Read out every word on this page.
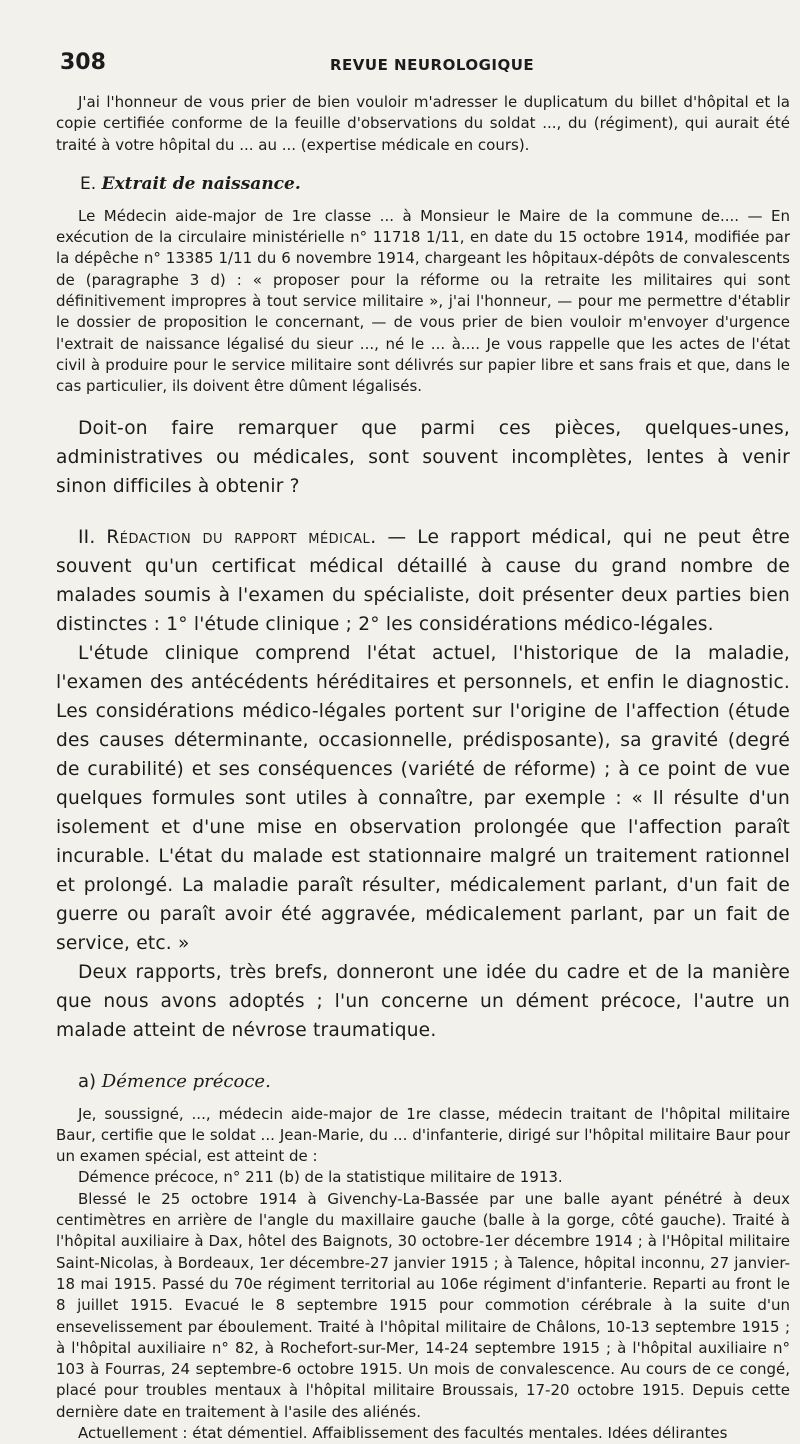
308	REVUE NEUROLOGIQUE

J'ai l'honneur de vous prier de bien vouloir m'adresser le duplicatum du billet d'hôpital et la copie certifiée conforme de la feuille d'observations du soldat ..., du (régiment), qui aurait été traité à votre hôpital du ... au ... (expertise médicale en cours).

E. Extrait de naissance.

Le Médecin aide-major de 1re classe ... à Monsieur le Maire de la commune de.... — En exécution de la circulaire ministérielle n° 11718 1/11, en date du 15 octobre 1914, modifiée par la dépêche n° 13385 1/11 du 6 novembre 1914, chargeant les hôpitaux-dépôts de convalescents de (paragraphe 3 d) : « proposer pour la réforme ou la retraite les militaires qui sont définitivement impropres à tout service militaire », j'ai l'honneur, — pour me permettre d'établir le dossier de proposition le concernant, — de vous prier de bien vouloir m'envoyer d'urgence l'extrait de naissance légalisé du sieur ..., né le ... à.... Je vous rappelle que les actes de l'état civil à produire pour le service militaire sont délivrés sur papier libre et sans frais et que, dans le cas particulier, ils doivent être dûment légalisés.

Doit-on faire remarquer que parmi ces pièces, quelques-unes, administratives ou médicales, sont souvent incomplètes, lentes à venir sinon difficiles à obtenir ?

II. Rédaction du rapport médical. — Le rapport médical, qui ne peut être souvent qu'un certificat médical détaillé à cause du grand nombre de malades soumis à l'examen du spécialiste, doit présenter deux parties bien distinctes : 1° l'étude clinique ; 2° les considérations médico-légales.

L'étude clinique comprend l'état actuel, l'historique de la maladie, l'examen des antécédents héréditaires et personnels, et enfin le diagnostic. Les considérations médico-légales portent sur l'origine de l'affection (étude des causes déterminante, occasionnelle, prédisposante), sa gravité (degré de curabilité) et ses conséquences (variété de réforme) ; à ce point de vue quelques formules sont utiles à connaître, par exemple : « Il résulte d'un isolement et d'une mise en observation prolongée que l'affection paraît incurable. L'état du malade est stationnaire malgré un traitement rationnel et prolongé. La maladie paraît résulter, médicalement parlant, d'un fait de guerre ou paraît avoir été aggravée, médicalement parlant, par un fait de service, etc. »

Deux rapports, très brefs, donneront une idée du cadre et de la manière que nous avons adoptés ; l'un concerne un dément précoce, l'autre un malade atteint de névrose traumatique.

a) Démence précoce.

Je, soussigné, ..., médecin aide-major de 1re classe, médecin traitant de l'hôpital militaire Baur, certifie que le soldat ... Jean-Marie, du ... d'infanterie, dirigé sur l'hôpital militaire Baur pour un examen spécial, est atteint de :

Démence précoce, n° 211 (b) de la statistique militaire de 1913.

Blessé le 25 octobre 1914 à Givenchy-La-Bassée par une balle ayant pénétré à deux centimètres en arrière de l'angle du maxillaire gauche (balle à la gorge, côté gauche). Traité à l'hôpital auxiliaire à Dax, hôtel des Baignots, 30 octobre-1er décembre 1914 ; à l'Hôpital militaire Saint-Nicolas, à Bordeaux, 1er décembre-27 janvier 1915 ; à Talence, hôpital inconnu, 27 janvier-18 mai 1915. Passé du 70e régiment territorial au 106e régiment d'infanterie. Reparti au front le 8 juillet 1915. Evacué le 8 septembre 1915 pour commotion cérébrale à la suite d'un ensevelissement par éboulement. Traité à l'hôpital militaire de Châlons, 10-13 septembre 1915 ; à l'hôpital auxiliaire n° 82, à Rochefort-sur-Mer, 14-24 septembre 1915 ; à l'hôpital auxiliaire n° 103 à Fourras, 24 septembre-6 octobre 1915. Un mois de convalescence. Au cours de ce congé, placé pour troubles mentaux à l'hôpital militaire Broussais, 17-20 octobre 1915. Depuis cette dernière date en traitement à l'asile des aliénés.

Actuellement : état démentiel. Affaiblissement des facultés mentales. Idées délirantes
